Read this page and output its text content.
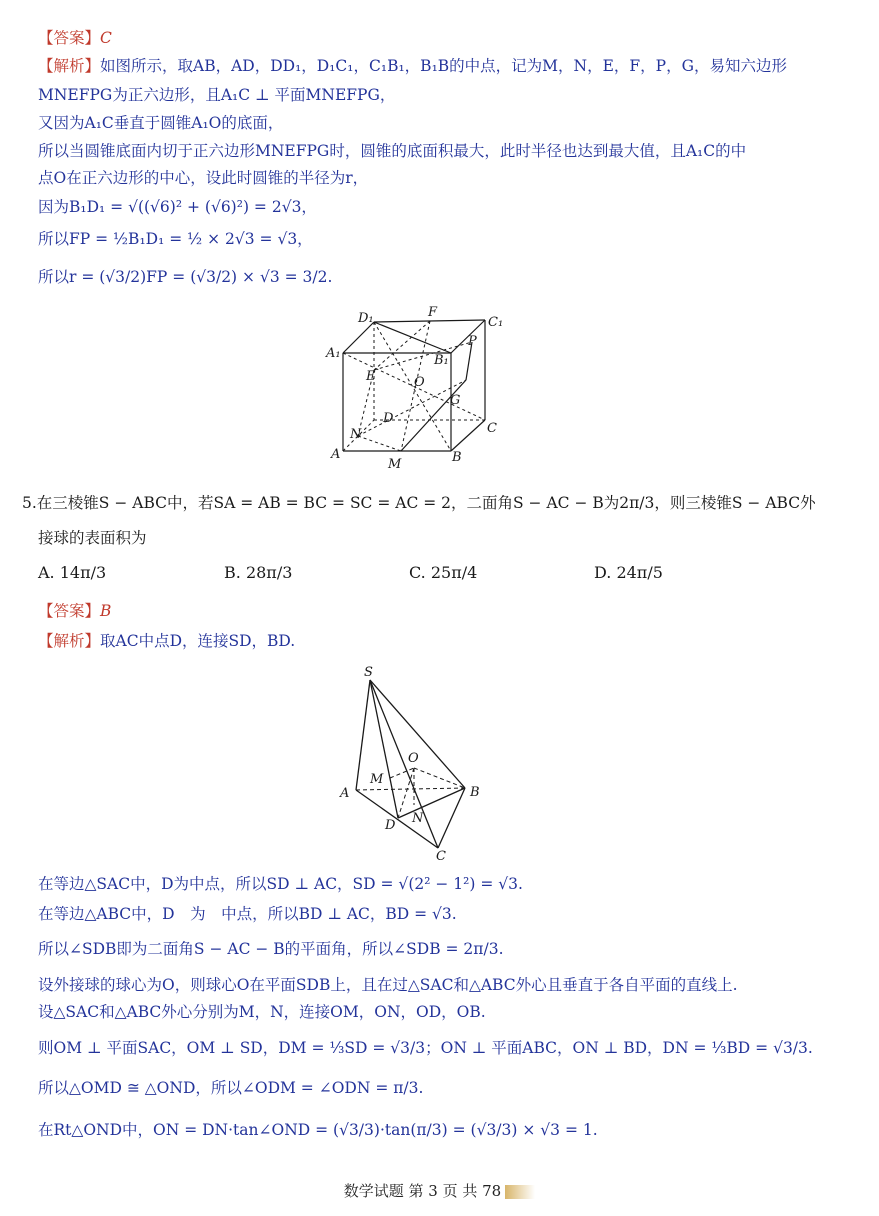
【答案】C
【解析】如图所示，取AB，AD，DD₁，D₁C₁，C₁B₁，B₁B的中点，记为M，N，E，F，P，G，易知六边形
MNEFPG为正六边形，且A₁C ⊥ 平面MNEFPG，
又因为A₁C垂直于圆锥A₁O的底面，
所以当圆锥底面内切于正六边形MNEFPG时，圆锥的底面积最大，此时半径也达到最大值，且A₁C的中
点O在正六边形的中心，设此时圆锥的半径为r，
因为B₁D₁ = √((√6)² + (√6)²) = 2√3，
所以FP = ½B₁D₁ = ½ × 2√3 = √3，
所以r = (√3/2)FP = (√3/2) × √3 = 3/2.
D₁	F
C₁
A₁
P
B₁
E	O
G
D
C
N
A
M	B
5.在三棱锥S − ABC中，若SA = AB = BC = SC = AC = 2，二面角S − AC − B为2π/3，则三棱锥S − ABC外
接球的表面积为
A. 14π/3	B. 28π/3	C. 25π/4	D. 24π/5
【答案】B
【解析】取AC中点D，连接SD，BD.
S
O
M
A	B
D N
C
在等边△SAC中，D为中点，所以SD ⊥ AC，SD = √(2² − 1²) = √3.
在等边△ABC中，D　为　中点，所以BD ⊥ AC，BD = √3.
所以∠SDB即为二面角S − AC − B的平面角，所以∠SDB = 2π/3.
设外接球的球心为O，则球心O在平面SDB上，且在过△SAC和△ABC外心且垂直于各自平面的直线上.
设△SAC和△ABC外心分别为M，N，连接OM，ON，OD，OB.
则OM ⊥ 平面SAC，OM ⊥ SD，DM = ⅓SD = √3/3；ON ⊥ 平面ABC，ON ⊥ BD，DN = ⅓BD = √3/3.
所以△OMD ≅ △OND，所以∠ODM = ∠ODN = π/3.
在Rt△OND中，ON = DN·tan∠OND = (√3/3)·tan(π/3) = (√3/3) × √3 = 1.
数学试题 第 3 页 共 78
